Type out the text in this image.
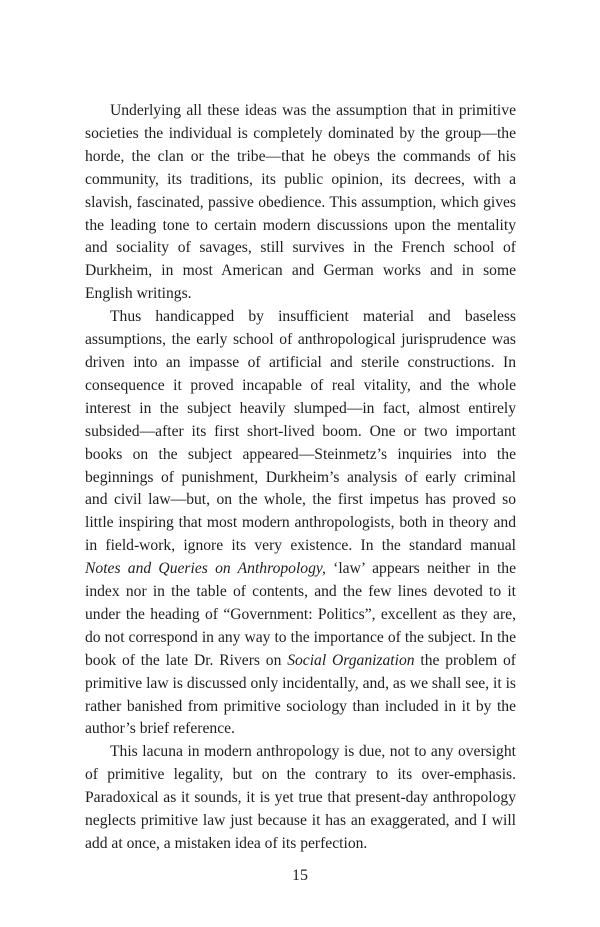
Underlying all these ideas was the assumption that in primitive societies the individual is completely dominated by the group—the horde, the clan or the tribe—that he obeys the commands of his community, its traditions, its public opinion, its decrees, with a slavish, fascinated, passive obedience. This assumption, which gives the leading tone to certain modern discussions upon the mentality and sociality of savages, still survives in the French school of Durkheim, in most American and German works and in some English writings.

Thus handicapped by insufficient material and baseless assumptions, the early school of anthropological jurisprudence was driven into an impasse of artificial and sterile constructions. In consequence it proved incapable of real vitality, and the whole interest in the subject heavily slumped—in fact, almost entirely subsided—after its first short-lived boom. One or two important books on the subject appeared—Steinmetz’s inquiries into the beginnings of punishment, Durkheim’s analysis of early criminal and civil law—but, on the whole, the first impetus has proved so little inspiring that most modern anthropologists, both in theory and in field-work, ignore its very existence. In the standard manual Notes and Queries on Anthropology, ‘law’ appears neither in the index nor in the table of contents, and the few lines devoted to it under the heading of “Government: Politics”, excellent as they are, do not correspond in any way to the importance of the subject. In the book of the late Dr. Rivers on Social Organization the problem of primitive law is discussed only incidentally, and, as we shall see, it is rather banished from primitive sociology than included in it by the author’s brief reference.

This lacuna in modern anthropology is due, not to any oversight of primitive legality, but on the contrary to its over-emphasis. Paradoxical as it sounds, it is yet true that present-day anthropology neglects primitive law just because it has an exaggerated, and I will add at once, a mistaken idea of its perfection.

15
